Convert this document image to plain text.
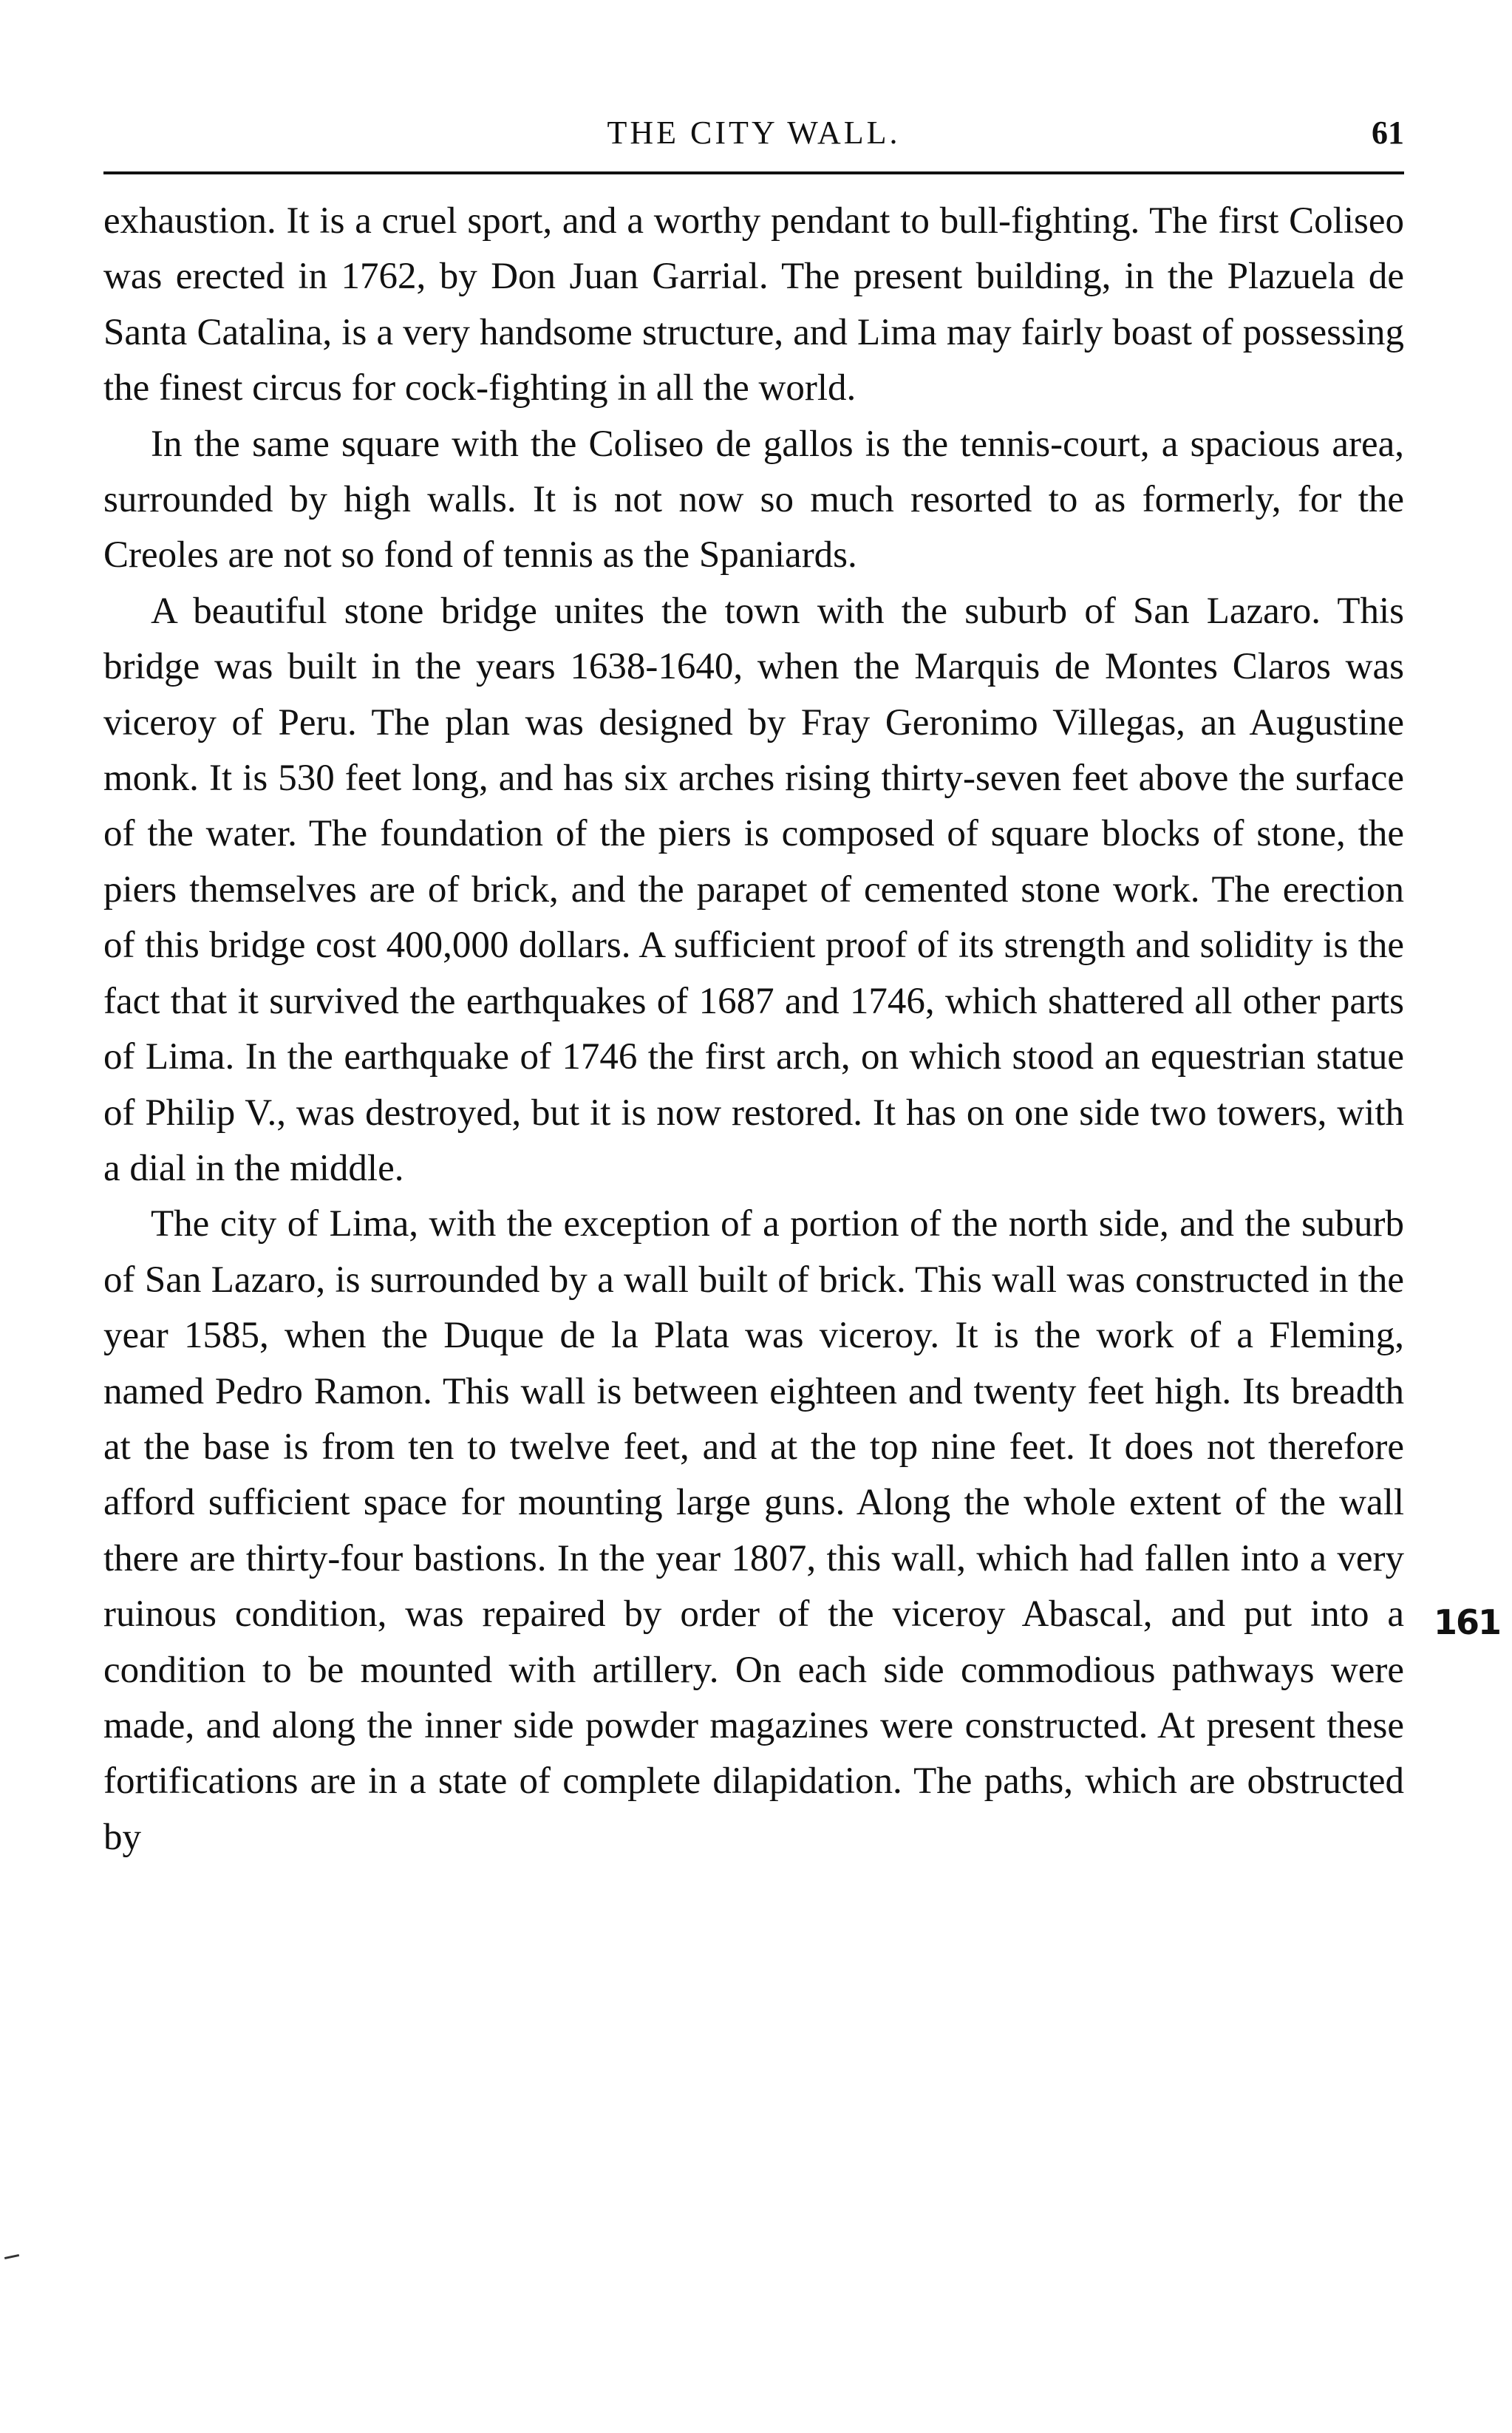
THE CITY WALL.	61

exhaustion. It is a cruel sport, and a worthy pendant to bull-fighting. The first Coliseo was erected in 1762, by Don Juan Garrial. The present building, in the Plazuela de Santa Catalina, is a very handsome structure, and Lima may fairly boast of possessing the finest circus for cock-fighting in all the world.

In the same square with the Coliseo de gallos is the tennis-court, a spacious area, surrounded by high walls. It is not now so much resorted to as formerly, for the Creoles are not so fond of tennis as the Spaniards.

A beautiful stone bridge unites the town with the suburb of San Lazaro. This bridge was built in the years 1638-1640, when the Marquis de Montes Claros was viceroy of Peru. The plan was designed by Fray Geronimo Villegas, an Augustine monk. It is 530 feet long, and has six arches rising thirty-seven feet above the surface of the water. The foundation of the piers is composed of square blocks of stone, the piers themselves are of brick, and the parapet of cemented stone work. The erection of this bridge cost 400,000 dollars. A sufficient proof of its strength and solidity is the fact that it survived the earthquakes of 1687 and 1746, which shattered all other parts of Lima. In the earthquake of 1746 the first arch, on which stood an equestrian statue of Philip V., was destroyed, but it is now restored. It has on one side two towers, with a dial in the middle.

The city of Lima, with the exception of a portion of the north side, and the suburb of San Lazaro, is surrounded by a wall built of brick. This wall was constructed in the year 1585, when the Duque de la Plata was viceroy. It is the work of a Fleming, named Pedro Ramon. This wall is between eighteen and twenty feet high. Its breadth at the base is from ten to twelve feet, and at the top nine feet. It does not therefore afford sufficient space for mounting large guns. Along the whole extent of the wall there are thirty-four bastions. In the year 1807, this wall, which had fallen into a very ruinous condition, was repaired by order of the viceroy Abascal, and put into a condition to be mounted with artillery. On each side commodious pathways were made, and along the inner side powder magazines were constructed. At present these fortifications are in a state of complete dilapidation. The paths, which are obstructed by

161
